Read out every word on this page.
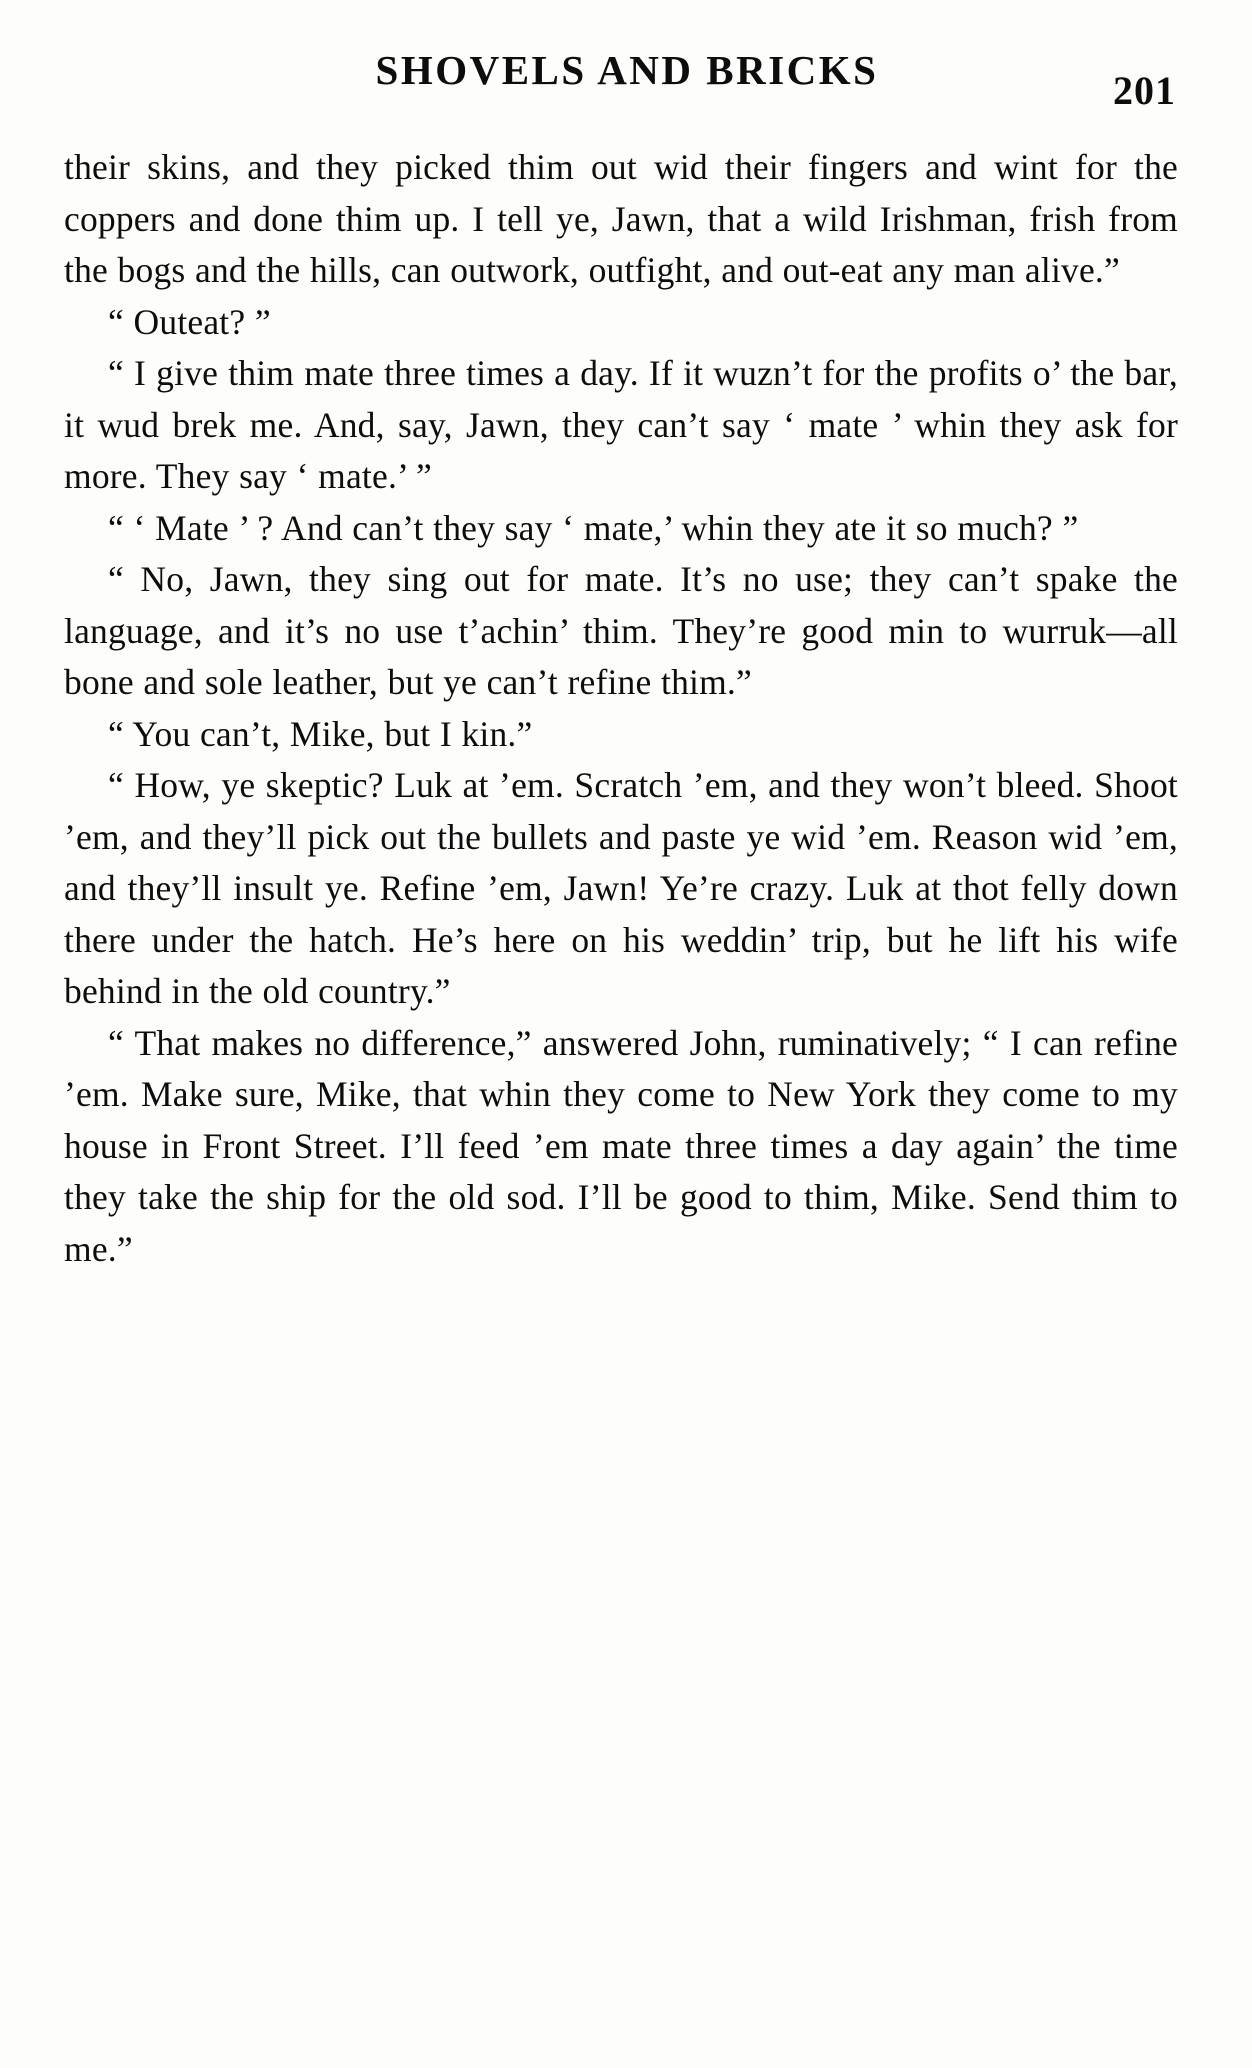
SHOVELS AND BRICKS	201

their skins, and they picked thim out wid their fingers and wint for the coppers and done thim up. I tell ye, Jawn, that a wild Irishman, frish from the bogs and the hills, can outwork, outfight, and out-eat any man alive.”

“ Outeat? ”

“ I give thim mate three times a day. If it wuzn’t for the profits o’ the bar, it wud brek me. And, say, Jawn, they can’t say ‘ mate ’ whin they ask for more. They say ‘ mate.’ ”

“ ‘ Mate ’ ? And can’t they say ‘ mate,’ whin they ate it so much? ”

“ No, Jawn, they sing out for mate. It’s no use; they can’t spake the language, and it’s no use t’achin’ thim. They’re good min to wurruk—all bone and sole leather, but ye can’t refine thim.”

“ You can’t, Mike, but I kin.”

“ How, ye skeptic? Luk at ’em. Scratch ’em, and they won’t bleed. Shoot ’em, and they’ll pick out the bullets and paste ye wid ’em. Reason wid ’em, and they’ll insult ye. Refine ’em, Jawn! Ye’re crazy. Luk at thot felly down there under the hatch. He’s here on his weddin’ trip, but he lift his wife behind in the old country.”

“ That makes no difference,” answered John, ruminatively; “ I can refine ’em. Make sure, Mike, that whin they come to New York they come to my house in Front Street. I’ll feed ’em mate three times a day again’ the time they take the ship for the old sod. I’ll be good to thim, Mike. Send thim to me.”
